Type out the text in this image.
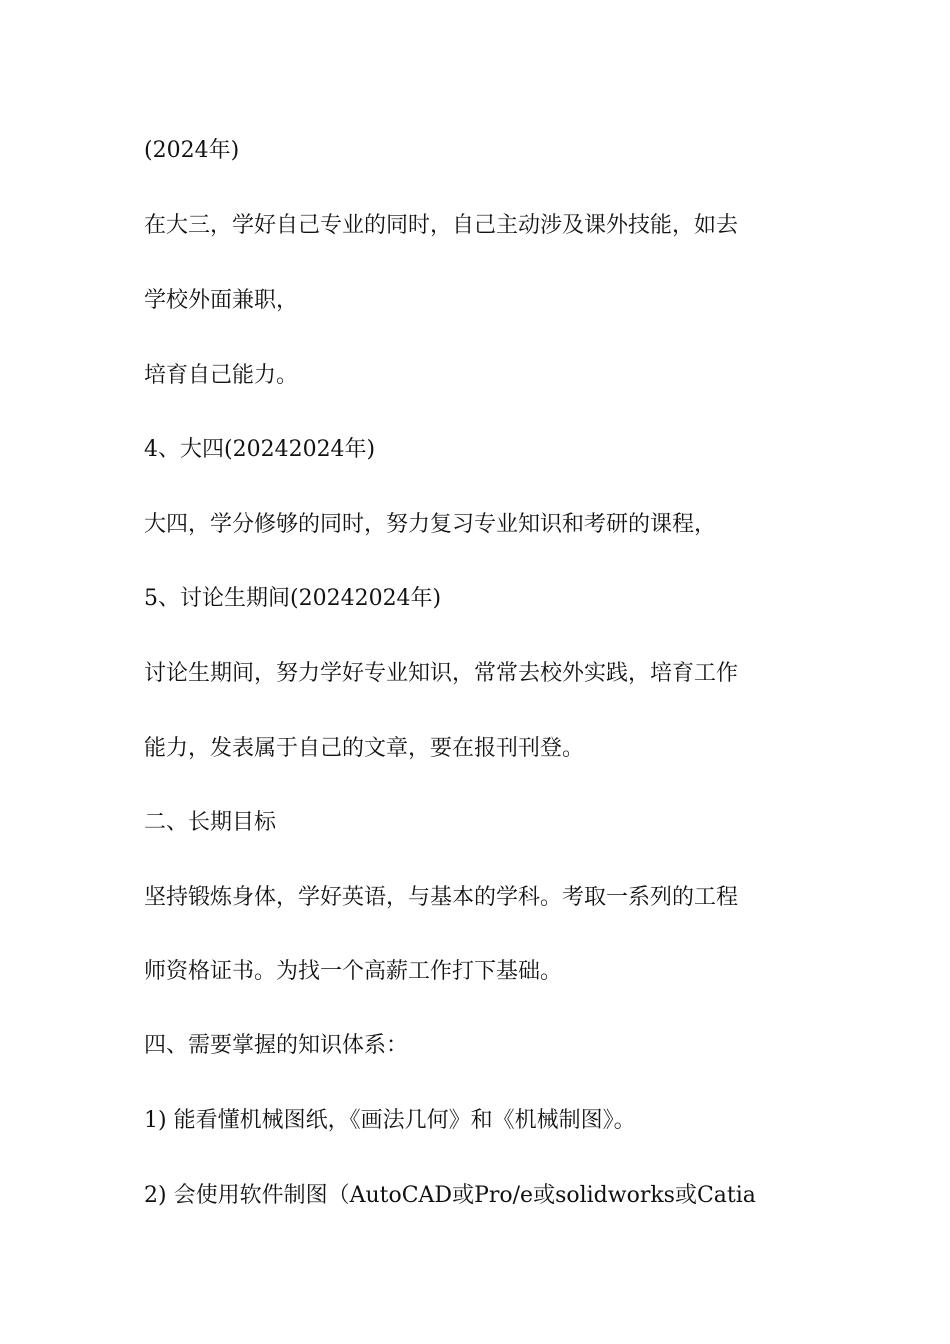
(2024年)

在大三，学好自己专业的同时，自己主动涉及课外技能，如去

学校外面兼职，

培育自己能力。

4、大四(20242024年)

大四，学分修够的同时，努力复习专业知识和考研的课程，

5、讨论生期间(20242024年)

讨论生期间，努力学好专业知识，常常去校外实践，培育工作

能力，发表属于自己的文章，要在报刊刊登。

二、长期目标

坚持锻炼身体，学好英语，与基本的学科。考取一系列的工程

师资格证书。为找一个高薪工作打下基础。

四、需要掌握的知识体系：

1) 能看懂机械图纸，《画法几何》和《机械制图》。

2) 会使用软件制图（AutoCAD或Pro/e或solidworks或Catia
